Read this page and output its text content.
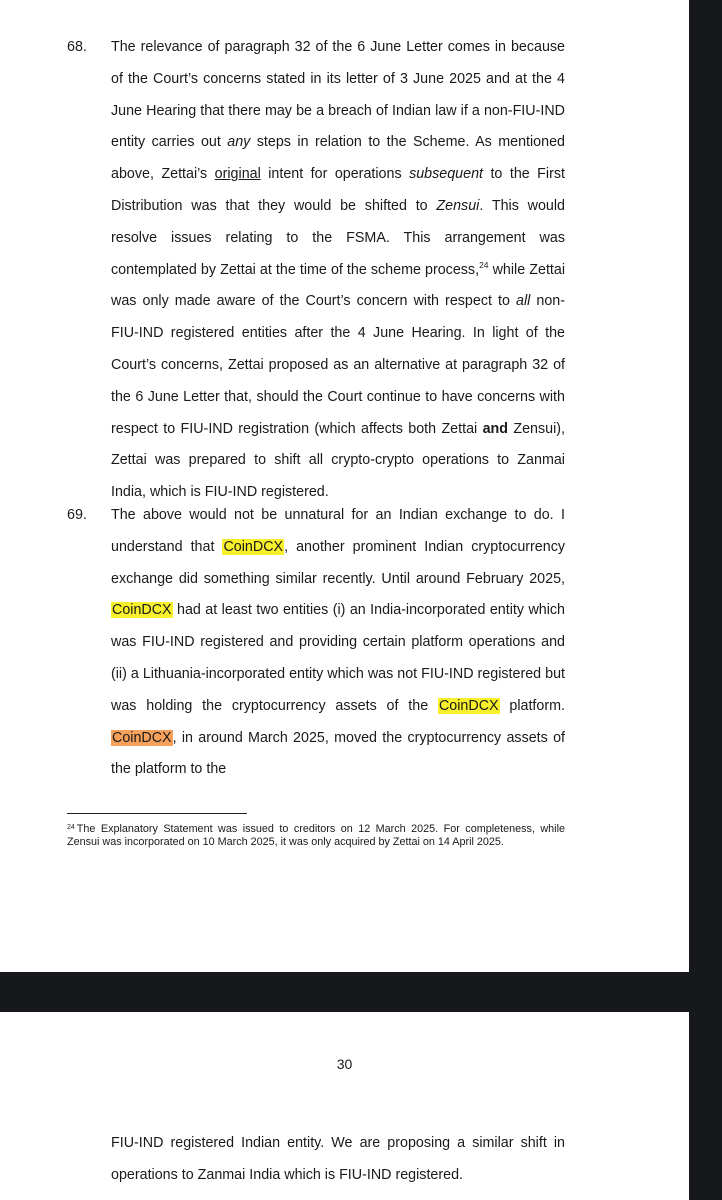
68. The relevance of paragraph 32 of the 6 June Letter comes in because of the Court’s concerns stated in its letter of 3 June 2025 and at the 4 June Hearing that there may be a breach of Indian law if a non-FIU-IND entity carries out any steps in relation to the Scheme. As mentioned above, Zettai’s original intent for operations subsequent to the First Distribution was that they would be shifted to Zensui. This would resolve issues relating to the FSMA. This arrangement was contemplated by Zettai at the time of the scheme process,$^{24}$ while Zettai was only made aware of the Court’s concern with respect to all non-FIU-IND registered entities after the 4 June Hearing. In light of the Court’s concerns, Zettai proposed as an alternative at paragraph 32 of the 6 June Letter that, should the Court continue to have concerns with respect to FIU-IND registration (which affects both Zettai and Zensui), Zettai was prepared to shift all crypto-crypto operations to Zanmai India, which is FIU-IND registered.

69. The above would not be unnatural for an Indian exchange to do. I understand that CoinDCX, another prominent Indian cryptocurrency exchange did something similar recently. Until around February 2025, CoinDCX had at least two entities (i) an India-incorporated entity which was FIU-IND registered and providing certain platform operations and (ii) a Lithuania-incorporated entity which was not FIU-IND registered but was holding the cryptocurrency assets of the CoinDCX platform. CoinDCX, in around March 2025, moved the cryptocurrency assets of the platform to the

$^{24}$ The Explanatory Statement was issued to creditors on 12 March 2025. For completeness, while Zensui was incorporated on 10 March 2025, it was only acquired by Zettai on 14 April 2025.
30

FIU-IND registered Indian entity. We are proposing a similar shift in operations to Zanmai India which is FIU-IND registered.
